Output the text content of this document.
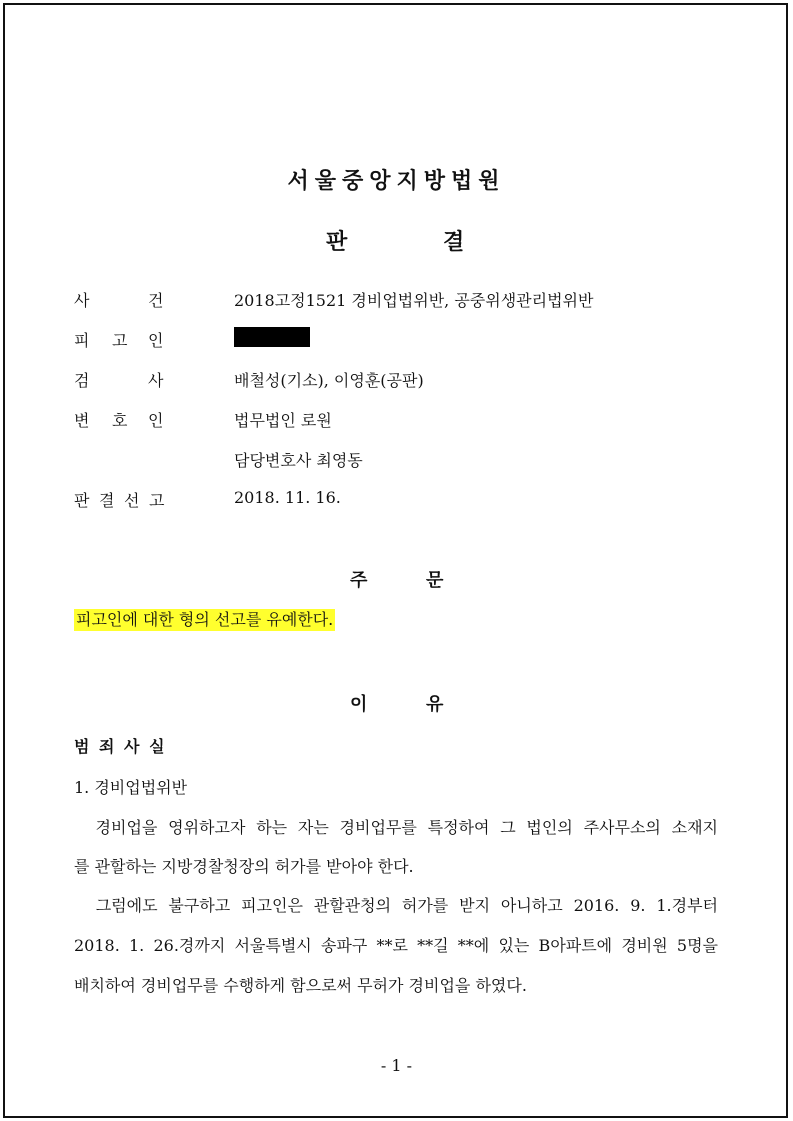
서울중앙지방법원
판	결
사	건	2018고정1521 경비업법위반, 공중위생관리법위반
피 고 인
검	사	배철성(기소), 이영훈(공판)
변 호 인	법무법인 로원
담당변호사 최영동
판 결 선 고	2018. 11. 16.
주	문
피고인에 대한 형의 선고를 유예한다.
이	유
범 죄 사 실
1. 경비업법위반
경비업을 영위하고자 하는 자는 경비업무를 특정하여 그 법인의 주사무소의 소재지
를 관할하는 지방경찰청장의 허가를 받아야 한다.
그럼에도 불구하고 피고인은 관할관청의 허가를 받지 아니하고 2016. 9. 1.경부터
2018. 1. 26.경까지 서울특별시 송파구 **로 **길 **에 있는 B아파트에 경비원 5명을
배치하여 경비업무를 수행하게 함으로써 무허가 경비업을 하였다.
- 1 -
